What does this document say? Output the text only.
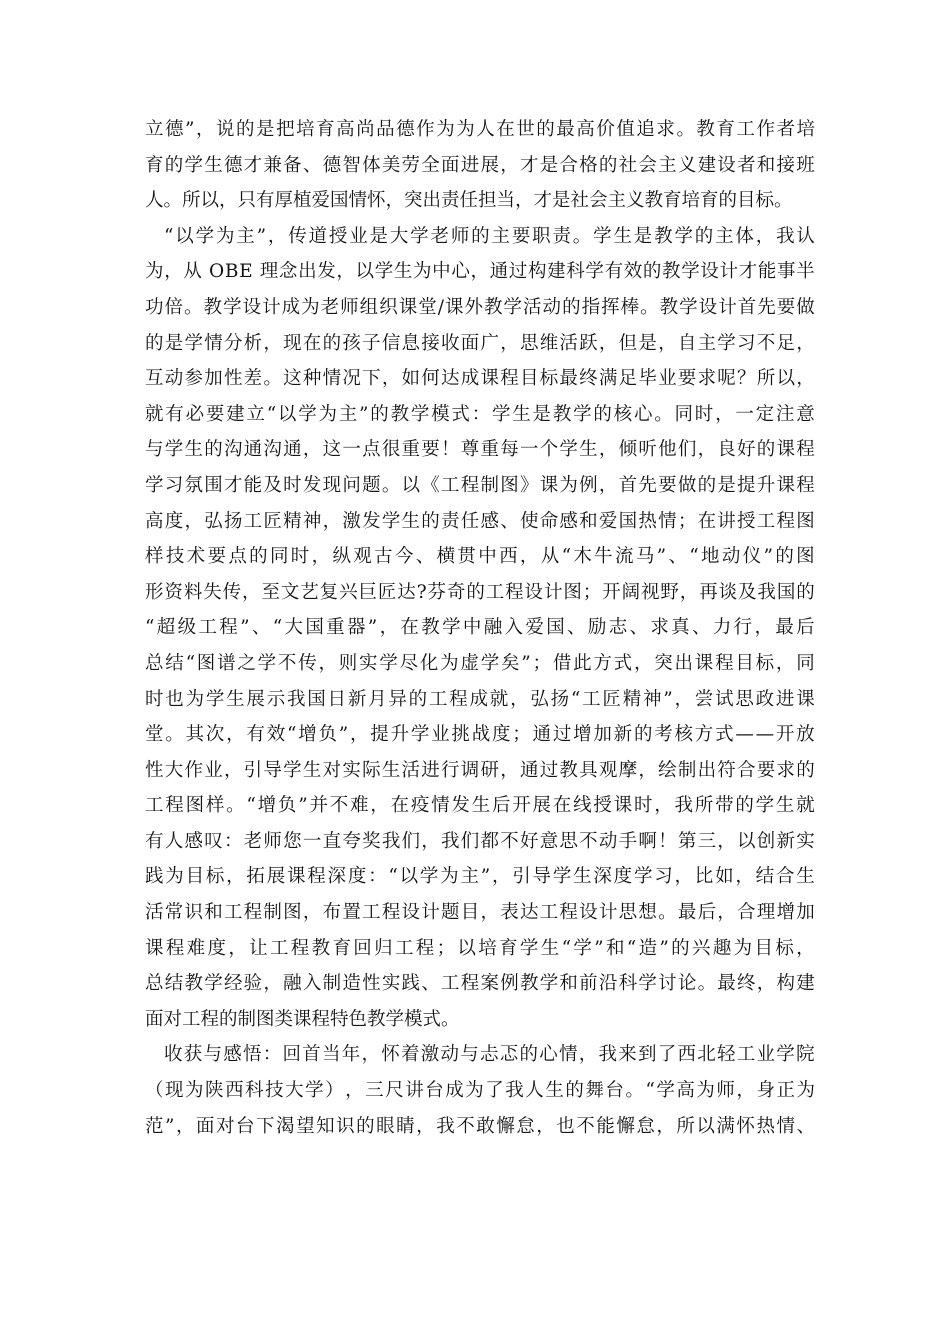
立 德 ” ， 说 的 是 把 培 育 高 尚 品 德 作 为 为 人 在 世 的 最 高 价 值 追 求 。 教 育 工 作 者 培
育 的 学 生 德 才 兼 备 、 德 智 体 美 劳 全 面 进 展 ， 才 是 合 格 的 社 会 主 义 建 设 者 和 接 班
人。所以，只有厚植爱国情怀，突出责任担当，才是社会主义教育培育的目标。
“ 以 学 为 主 ” ， 传 道 授 业 是 大 学 老 师 的 主 要 职 责 。 学 生 是 教 学 的 主 体 ， 我 认
为 ， 从
O B E
理 念 出 发 ， 以 学 生 为 中 心 ， 通 过 构 建 科 学 有 效 的 教 学 设 计 才 能 事 半
功 倍 。 教 学 设 计 成 为 老 师 组 织 课 堂 / 课 外 教 学 活 动 的 指 挥 棒 。 教 学 设 计 首 先 要 做
的 是 学 情 分 析 ， 现 在 的 孩 子 信 息 接 收 面 广 ， 思 维 活 跃 ， 但 是 ， 自 主 学 习 不 足 ，
互 动 参 加 性 差 。 这 种 情 况 下 ， 如 何 达 成 课 程 目 标 最 终 满 足 毕 业 要 求 呢 ？ 所 以 ，
就 有 必 要 建 立 “ 以 学 为 主 ” 的 教 学 模 式 ： 学 生 是 教 学 的 核 心 。 同 时 ， 一 定 注 意
与 学 生 的 沟 通 沟 通 ， 这 一 点 很 重 要 ！ 尊 重 每 一 个 学 生 ， 倾 听 他 们 ， 良 好 的 课 程
学 习 氛 围 才 能 及 时 发 现 问 题 。 以 《 工 程 制 图 》 课 为 例 ， 首 先 要 做 的 是 提 升 课 程
高 度 ， 弘 扬 工 匠 精 神 ， 激 发 学 生 的 责 任 感 、 使 命 感 和 爱 国 热 情 ； 在 讲 授 工 程 图
样 技 术 要 点 的 同 时 ， 纵 观 古 今 、 横 贯 中 西 ， 从 “ 木 牛 流 马 ” 、 “ 地 动 仪 ” 的 图
形 资 料 失 传 ， 至 文 艺 复 兴 巨 匠 达 ? 芬 奇 的 工 程 设 计 图 ； 开 阔 视 野 ， 再 谈 及 我 国 的
“ 超 级 工 程 ” 、 “ 大 国 重 器 ” ， 在 教 学 中 融 入 爱 国 、 励 志 、 求 真 、 力 行 ， 最 后
总 结 “ 图 谱 之 学 不 传 ， 则 实 学 尽 化 为 虚 学 矣 ” ； 借 此 方 式 ， 突 出 课 程 目 标 ， 同
时 也 为 学 生 展 示 我 国 日 新 月 异 的 工 程 成 就 ， 弘 扬 “ 工 匠 精 神 ” ， 尝 试 思 政 进 课
堂 。 其 次 ， 有 效 “ 增 负 ” ， 提 升 学 业 挑 战 度 ； 通 过 增 加 新 的 考 核 方 式 — — 开 放
性 大 作 业 ， 引 导 学 生 对 实 际 生 活 进 行 调 研 ， 通 过 教 具 观 摩 ， 绘 制 出 符 合 要 求 的
工 程 图 样 。 “ 增 负 ” 并 不 难 ， 在 疫 情 发 生 后 开 展 在 线 授 课 时 ， 我 所 带 的 学 生 就
有 人 感 叹 ： 老 师 您 一 直 夸 奖 我 们 ， 我 们 都 不 好 意 思 不 动 手 啊 ！ 第 三 ， 以 创 新 实
践 为 目 标 ， 拓 展 课 程 深 度 ： “ 以 学 为 主 ” ， 引 导 学 生 深 度 学 习 ， 比 如 ， 结 合 生
活 常 识 和 工 程 制 图 ， 布 置 工 程 设 计 题 目 ， 表 达 工 程 设 计 思 想 。 最 后 ， 合 理 增 加
课 程 难 度 ， 让 工 程 教 育 回 归 工 程 ； 以 培 育 学 生 “ 学 ” 和 “ 造 ” 的 兴 趣 为 目 标 ，
总 结 教 学 经 验 ， 融 入 制 造 性 实 践 、 工 程 案 例 教 学 和 前 沿 科 学 讨 论 。 最 终 ， 构 建
面对工程的制图类课程特色教学模式。
收 获 与 感 悟 ： 回 首 当 年 ， 怀 着 激 动 与 忐 忑 的 心 情 ， 我 来 到 了 西 北 轻 工 业 学 院
（ 现 为 陕 西 科 技 大 学 ） ， 三 尺 讲 台 成 为 了 我 人 生 的 舞 台 。 “ 学 高 为 师 ， 身 正 为
范 ” ， 面 对 台 下 渴 望 知 识 的 眼 睛 ， 我 不 敢 懈 怠 ， 也 不 能 懈 怠 ， 所 以 满 怀 热 情 、
